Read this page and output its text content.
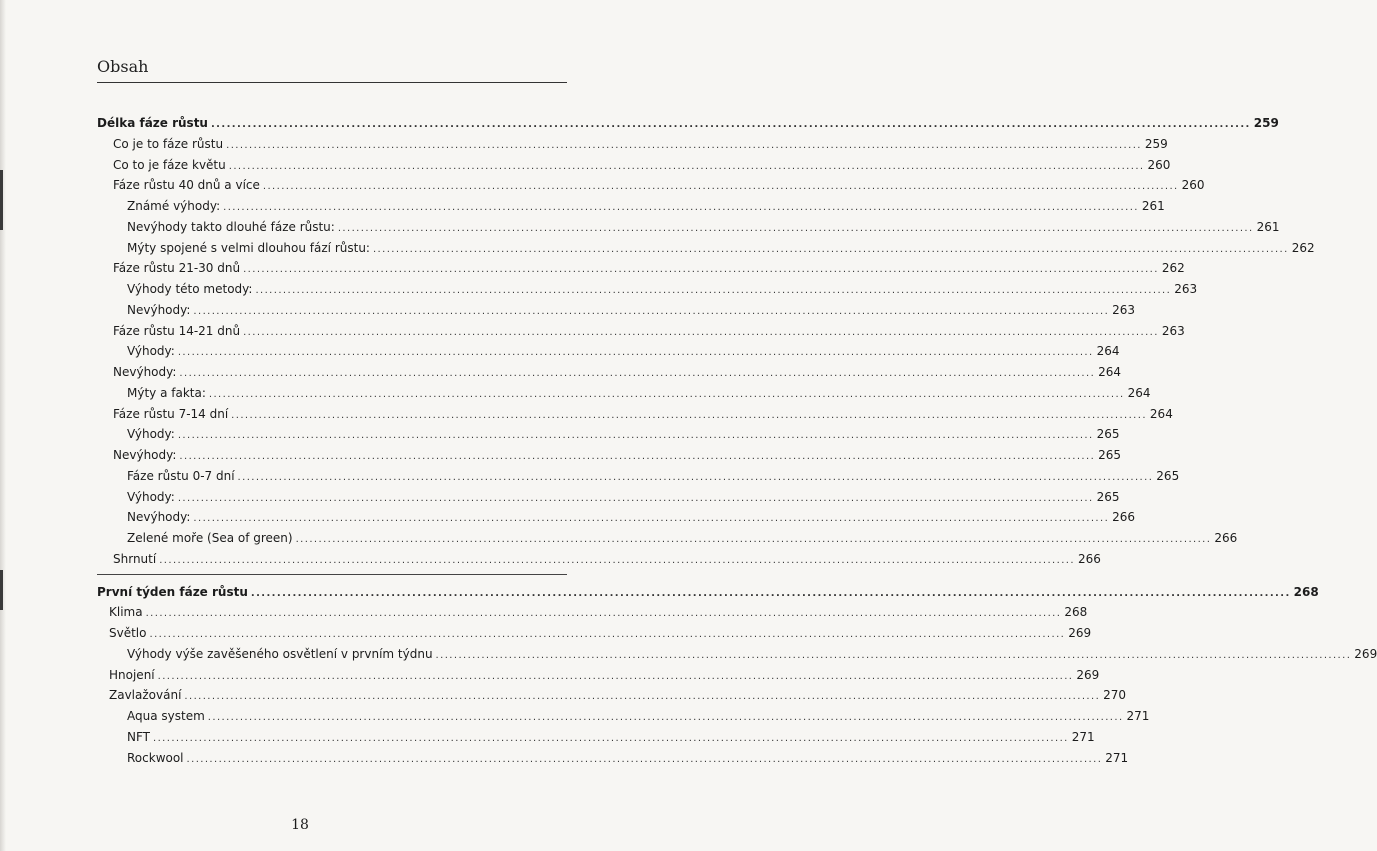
Obsah
Délka fáze růstu ........................................................................................................................................................................................................ 259
Co je to fáze růstu ........................................................................................................................................................................................................ 259
Co to je fáze květu ........................................................................................................................................................................................................ 260
Fáze růstu 40 dnů a více ........................................................................................................................................................................................................ 260
Známé výhody: ........................................................................................................................................................................................................ 261
Nevýhody takto dlouhé fáze růstu: ........................................................................................................................................................................................................ 261
Mýty spojené s velmi dlouhou fází růstu: ........................................................................................................................................................................................................ 262
Fáze růstu 21-30 dnů ........................................................................................................................................................................................................ 262
Výhody této metody: ........................................................................................................................................................................................................ 263
Nevýhody: ........................................................................................................................................................................................................ 263
Fáze růstu 14-21 dnů ........................................................................................................................................................................................................ 263
Výhody: ........................................................................................................................................................................................................ 264
Nevýhody: ........................................................................................................................................................................................................ 264
Mýty a fakta: ........................................................................................................................................................................................................ 264
Fáze růstu 7-14 dní ........................................................................................................................................................................................................ 264
Výhody: ........................................................................................................................................................................................................ 265
Nevýhody: ........................................................................................................................................................................................................ 265
Fáze růstu 0-7 dní ........................................................................................................................................................................................................ 265
Výhody: ........................................................................................................................................................................................................ 265
Nevýhody: ........................................................................................................................................................................................................ 266
Zelené moře (Sea of green) ........................................................................................................................................................................................................ 266
Shrnutí ........................................................................................................................................................................................................ 266
První týden fáze růstu ........................................................................................................................................................................................................ 268
Klima ........................................................................................................................................................................................................ 268
Světlo ........................................................................................................................................................................................................ 269
Výhody výše zavěšeného osvětlení v prvním týdnu ........................................................................................................................................................................................................ 269
Hnojení ........................................................................................................................................................................................................ 269
Zavlažování ........................................................................................................................................................................................................ 270
Aqua system ........................................................................................................................................................................................................ 271
NFT ........................................................................................................................................................................................................ 271
Rockwool ........................................................................................................................................................................................................ 271
18
